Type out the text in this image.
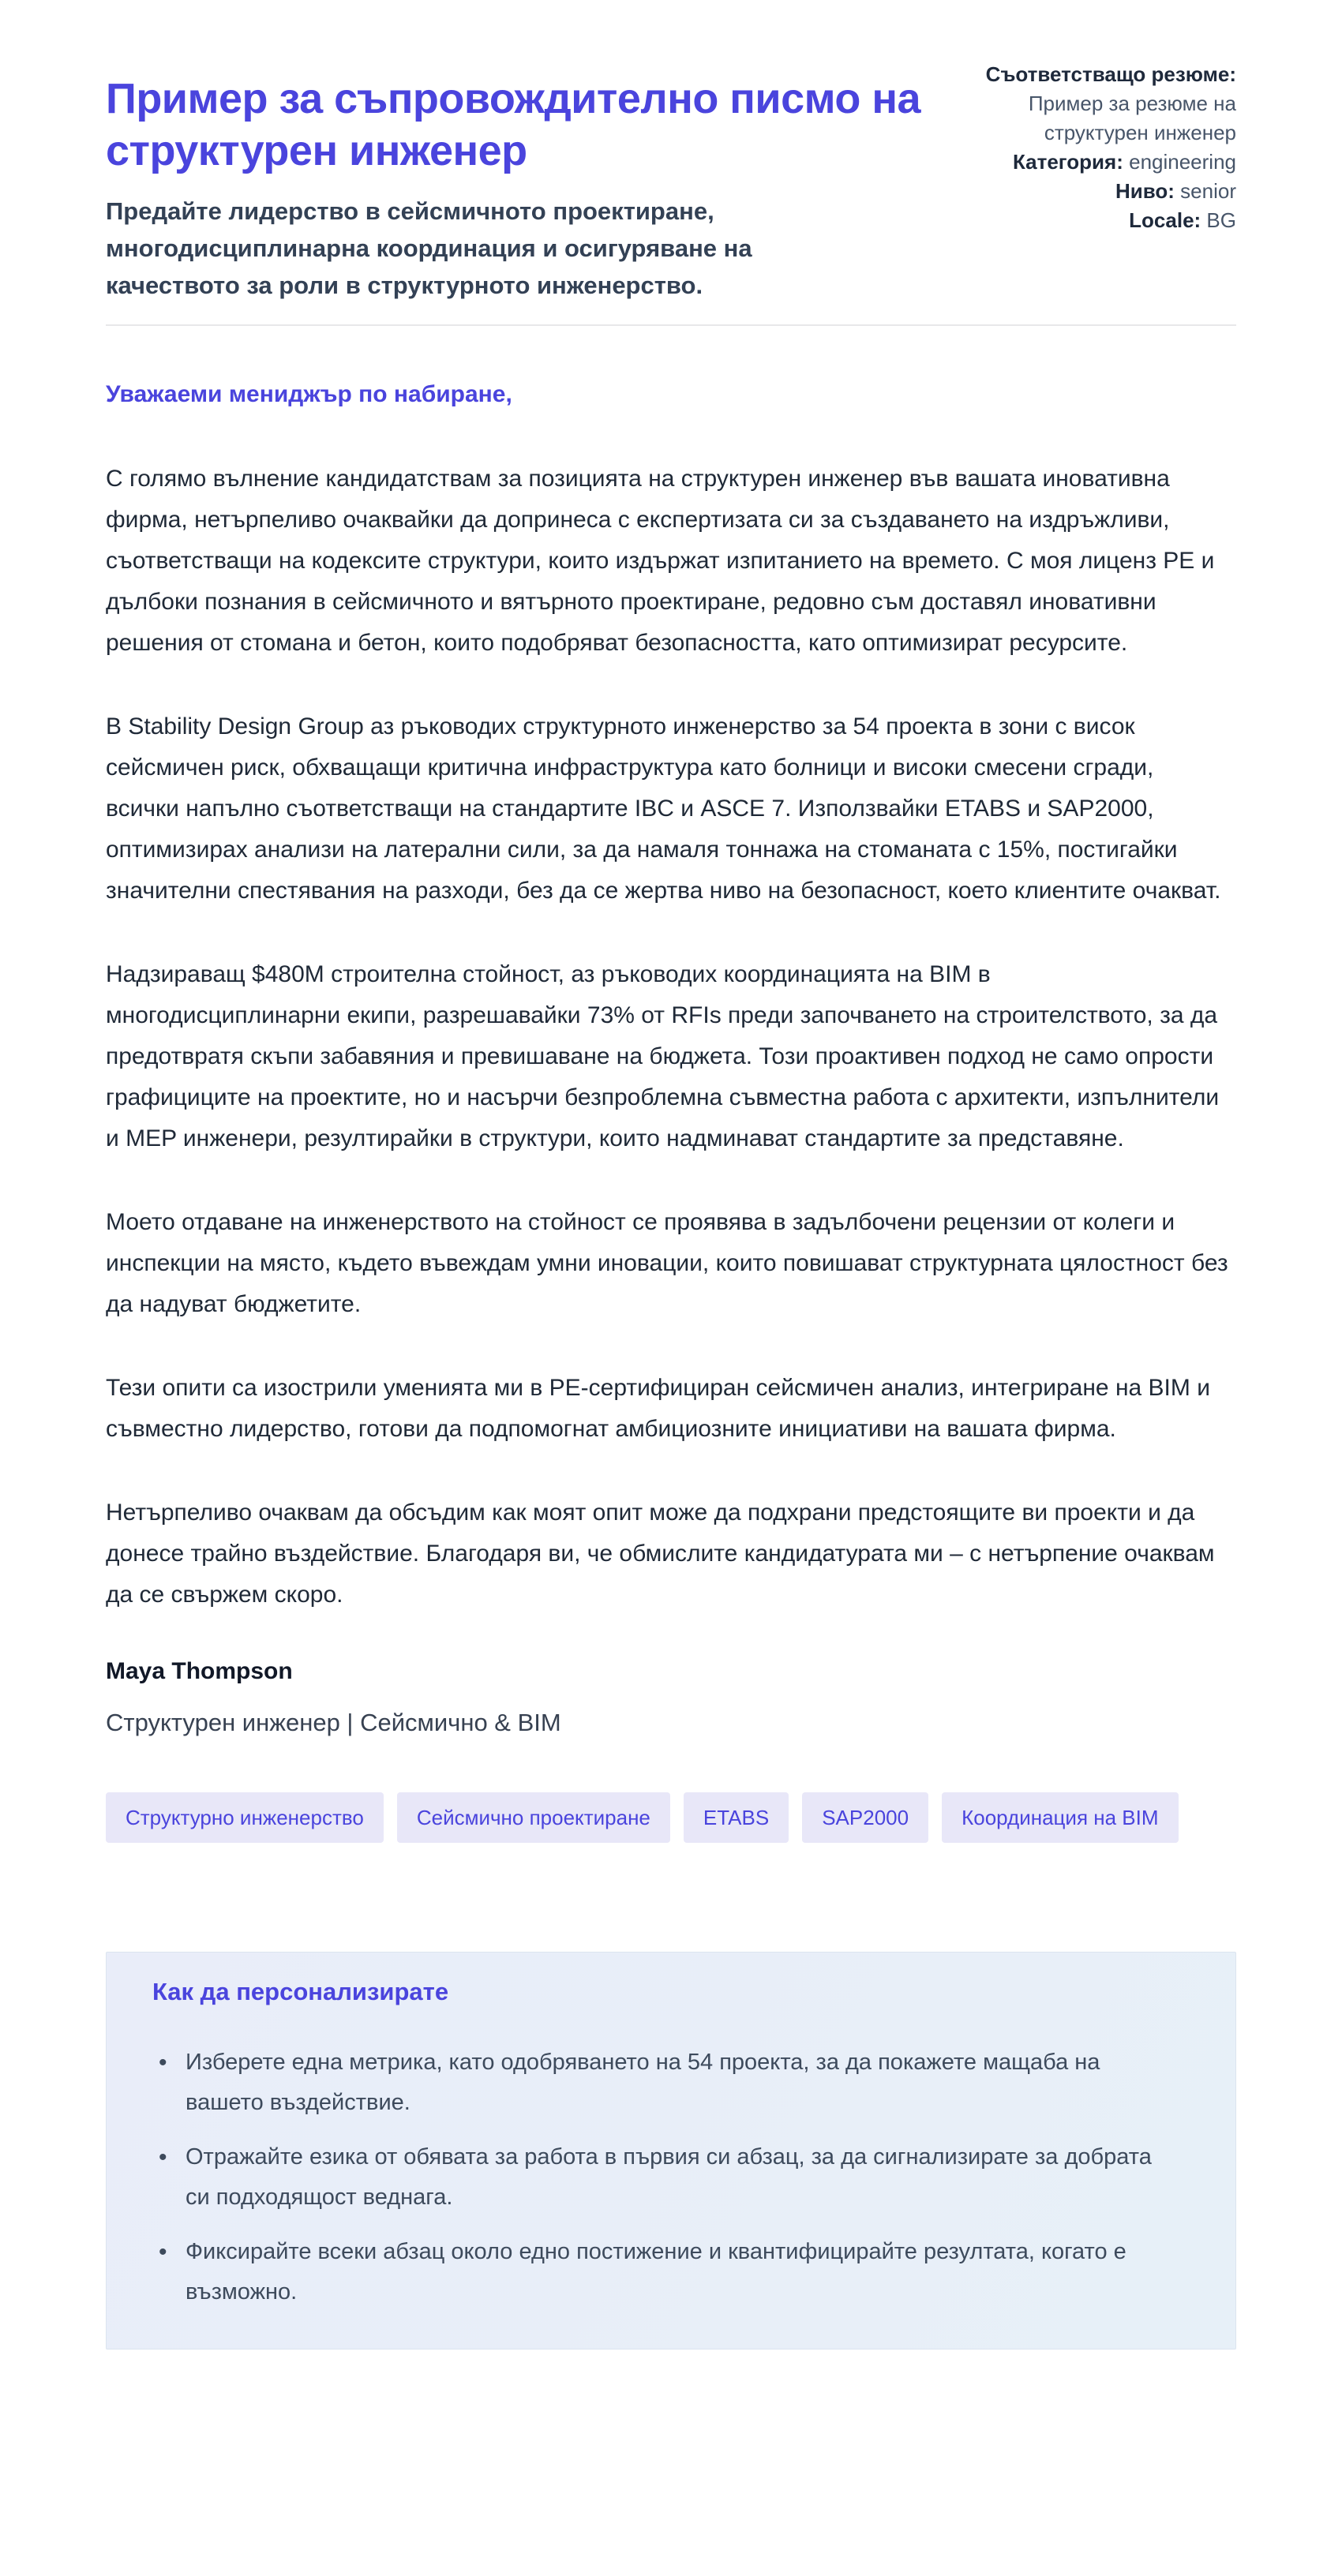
Пример за съпровождително писмо на структурен инженер
Предайте лидерство в сейсмичното проектиране, многодисциплинарна координация и осигуряване на качеството за роли в структурното инженерство.
Съответстващо резюме:
Пример за резюме на структурен инженер
Категория: engineering
Ниво: senior
Locale: BG

Уважаеми мениджър по набиране,

С голямо вълнение кандидатствам за позицията на структурен инженер във вашата иновативна фирма, нетърпеливо очаквайки да допринеса с експертизата си за създаването на издръжливи, съответстващи на кодексите структури, които издържат изпитанието на времето. С моя лиценз PE и дълбоки познания в сейсмичното и вятърното проектиране, редовно съм доставял иновативни решения от стомана и бетон, които подобряват безопасността, като оптимизират ресурсите.

В Stability Design Group аз ръководих структурното инженерство за 54 проекта в зони с висок сейсмичен риск, обхващащи критична инфраструктура като болници и високи смесени сгради, всички напълно съответстващи на стандартите IBC и ASCE 7. Използвайки ETABS и SAP2000, оптимизирах анализи на латерални сили, за да намаля тоннажа на стоманата с 15%, постигайки значителни спестявания на разходи, без да се жертва ниво на безопасност, което клиентите очакват.

Надзираващ $480M строителна стойност, аз ръководих координацията на BIM в многодисциплинарни екипи, разрешавайки 73% от RFIs преди започването на строителството, за да предотвратя скъпи забавяния и превишаване на бюджета. Този проактивен подход не само опрости графициците на проектите, но и насърчи безпроблемна съвместна работа с архитекти, изпълнители и MEP инженери, резултирайки в структури, които надминават стандартите за представяне.

Моето отдаване на инженерството на стойност се проявява в задълбочени рецензии от колеги и инспекции на място, където въвеждам умни иновации, които повишават структурната цялостност без да надуват бюджетите.

Тези опити са изострили уменията ми в PE-сертифициран сейсмичен анализ, интегриране на BIM и съвместно лидерство, готови да подпомогнат амбициозните инициативи на вашата фирма.

Нетърпеливо очаквам да обсъдим как моят опит може да подхрани предстоящите ви проекти и да донесе трайно въздействие. Благодаря ви, че обмислите кандидатурата ми – с нетърпение очаквам да се свържем скоро.

Maya Thompson
Структурен инженер | Сейсмично & BIM
Структурно инженерство	Сейсмично проектиране	ETABS	SAP2000	Координация на BIM
Как да персонализирате
• Изберете една метрика, като одобряването на 54 проекта, за да покажете мащаба на вашето въздействие.
• Отражайте езика от обявата за работа в първия си абзац, за да сигнализирате за добрата си подходящост веднага.
• Фиксирайте всеки абзац около едно постижение и квантифицирайте резултата, когато е възможно.
